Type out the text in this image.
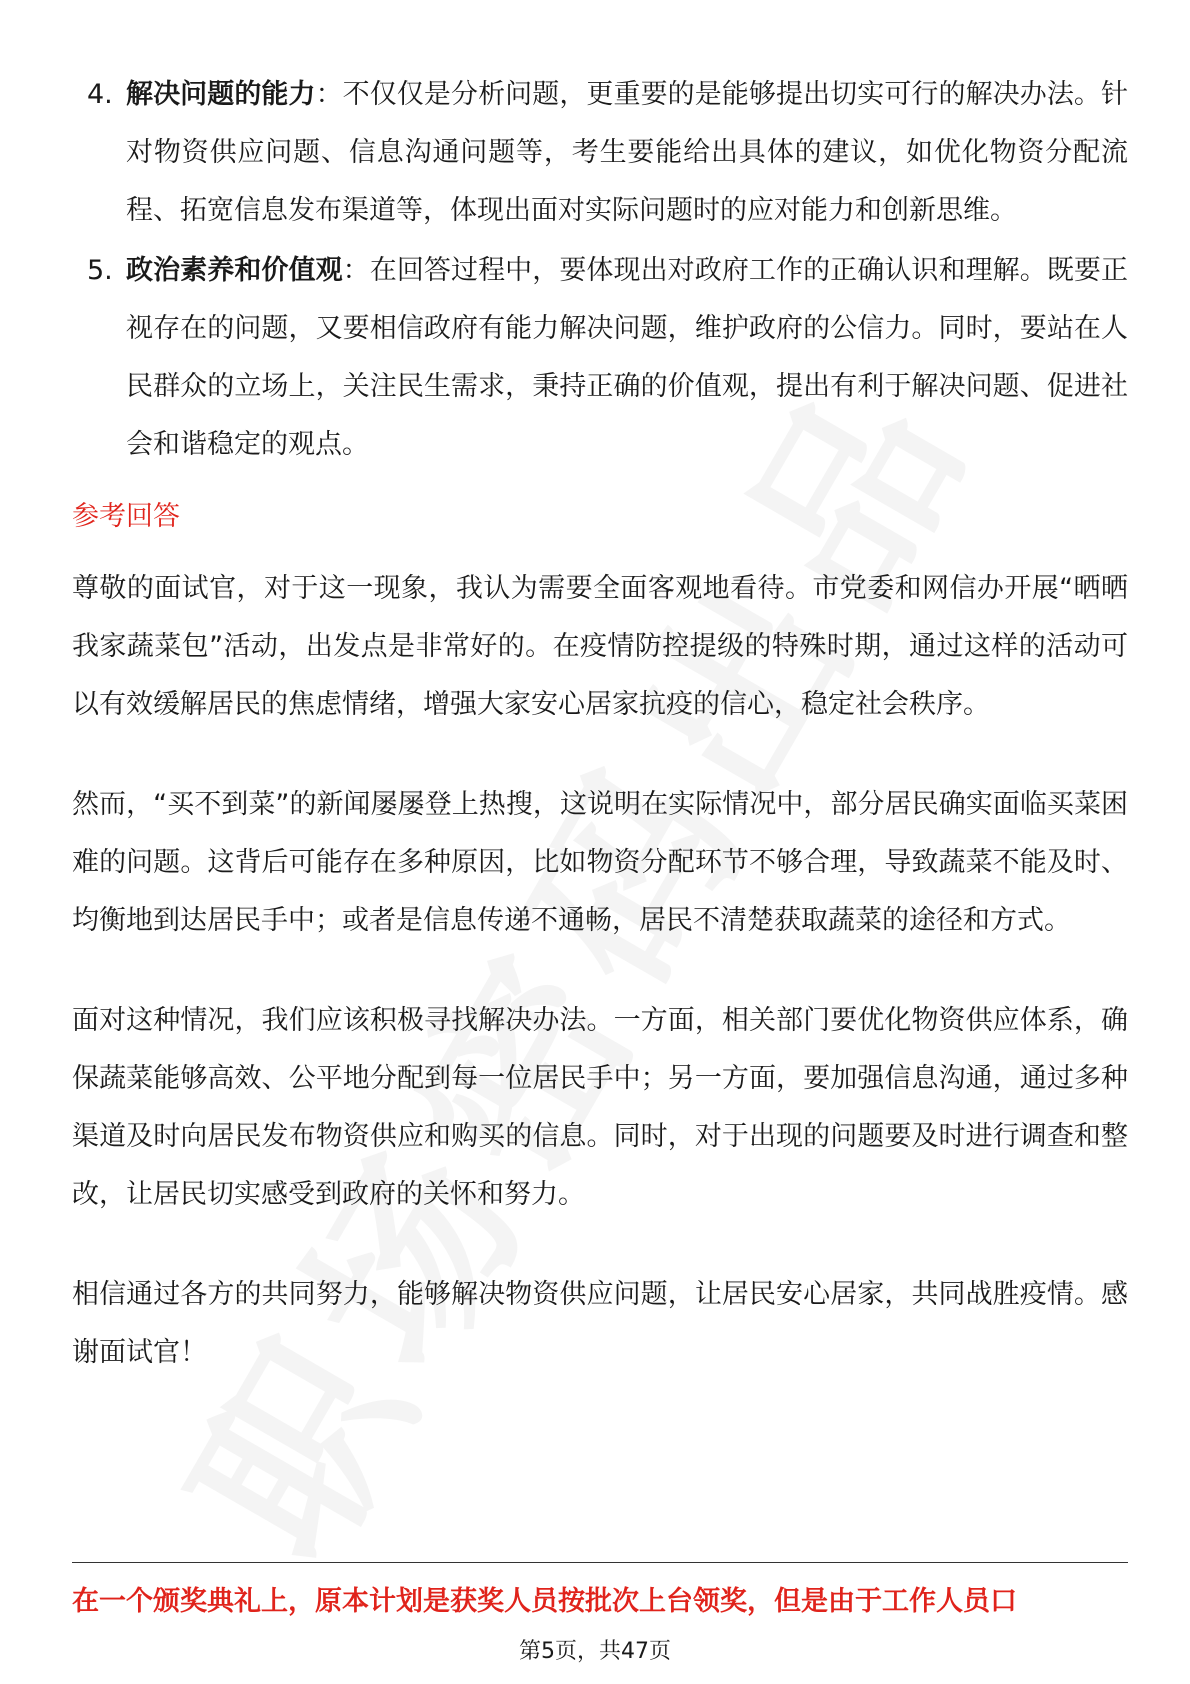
4. 解决问题的能力：不仅仅是分析问题，更重要的是能够提出切实可行的解决办法。针对物资供应问题、信息沟通问题等，考生要能给出具体的建议，如优化物资分配流程、拓宽信息发布渠道等，体现出面对实际问题时的应对能力和创新思维。
5. 政治素养和价值观：在回答过程中，要体现出对政府工作的正确认识和理解。既要正视存在的问题，又要相信政府有能力解决问题，维护政府的公信力。同时，要站在人民群众的立场上，关注民生需求，秉持正确的价值观，提出有利于解决问题、促进社会和谐稳定的观点。
参考回答
尊敬的面试官，对于这一现象，我认为需要全面客观地看待。市党委和网信办开展“晒晒我家蔬菜包”活动，出发点是非常好的。在疫情防控提级的特殊时期，通过这样的活动可以有效缓解居民的焦虑情绪，增强大家安心居家抗疫的信心，稳定社会秩序。
然而，“买不到菜”的新闻屡屡登上热搜，这说明在实际情况中，部分居民确实面临买菜困难的问题。这背后可能存在多种原因，比如物资分配环节不够合理，导致蔬菜不能及时、均衡地到达居民手中；或者是信息传递不通畅，居民不清楚获取蔬菜的途径和方式。
面对这种情况，我们应该积极寻找解决办法。一方面，相关部门要优化物资供应体系，确保蔬菜能够高效、公平地分配到每一位居民手中；另一方面，要加强信息沟通，通过多种渠道及时向居民发布物资供应和购买的信息。同时，对于出现的问题要及时进行调查和整改，让居民切实感受到政府的关怀和努力。
相信通过各方的共同努力，能够解决物资供应问题，让居民安心居家，共同战胜疫情。感谢面试官！
在一个颁奖典礼上，原本计划是获奖人员按批次上台领奖，但是由于工作人员口
第5页，共47页
